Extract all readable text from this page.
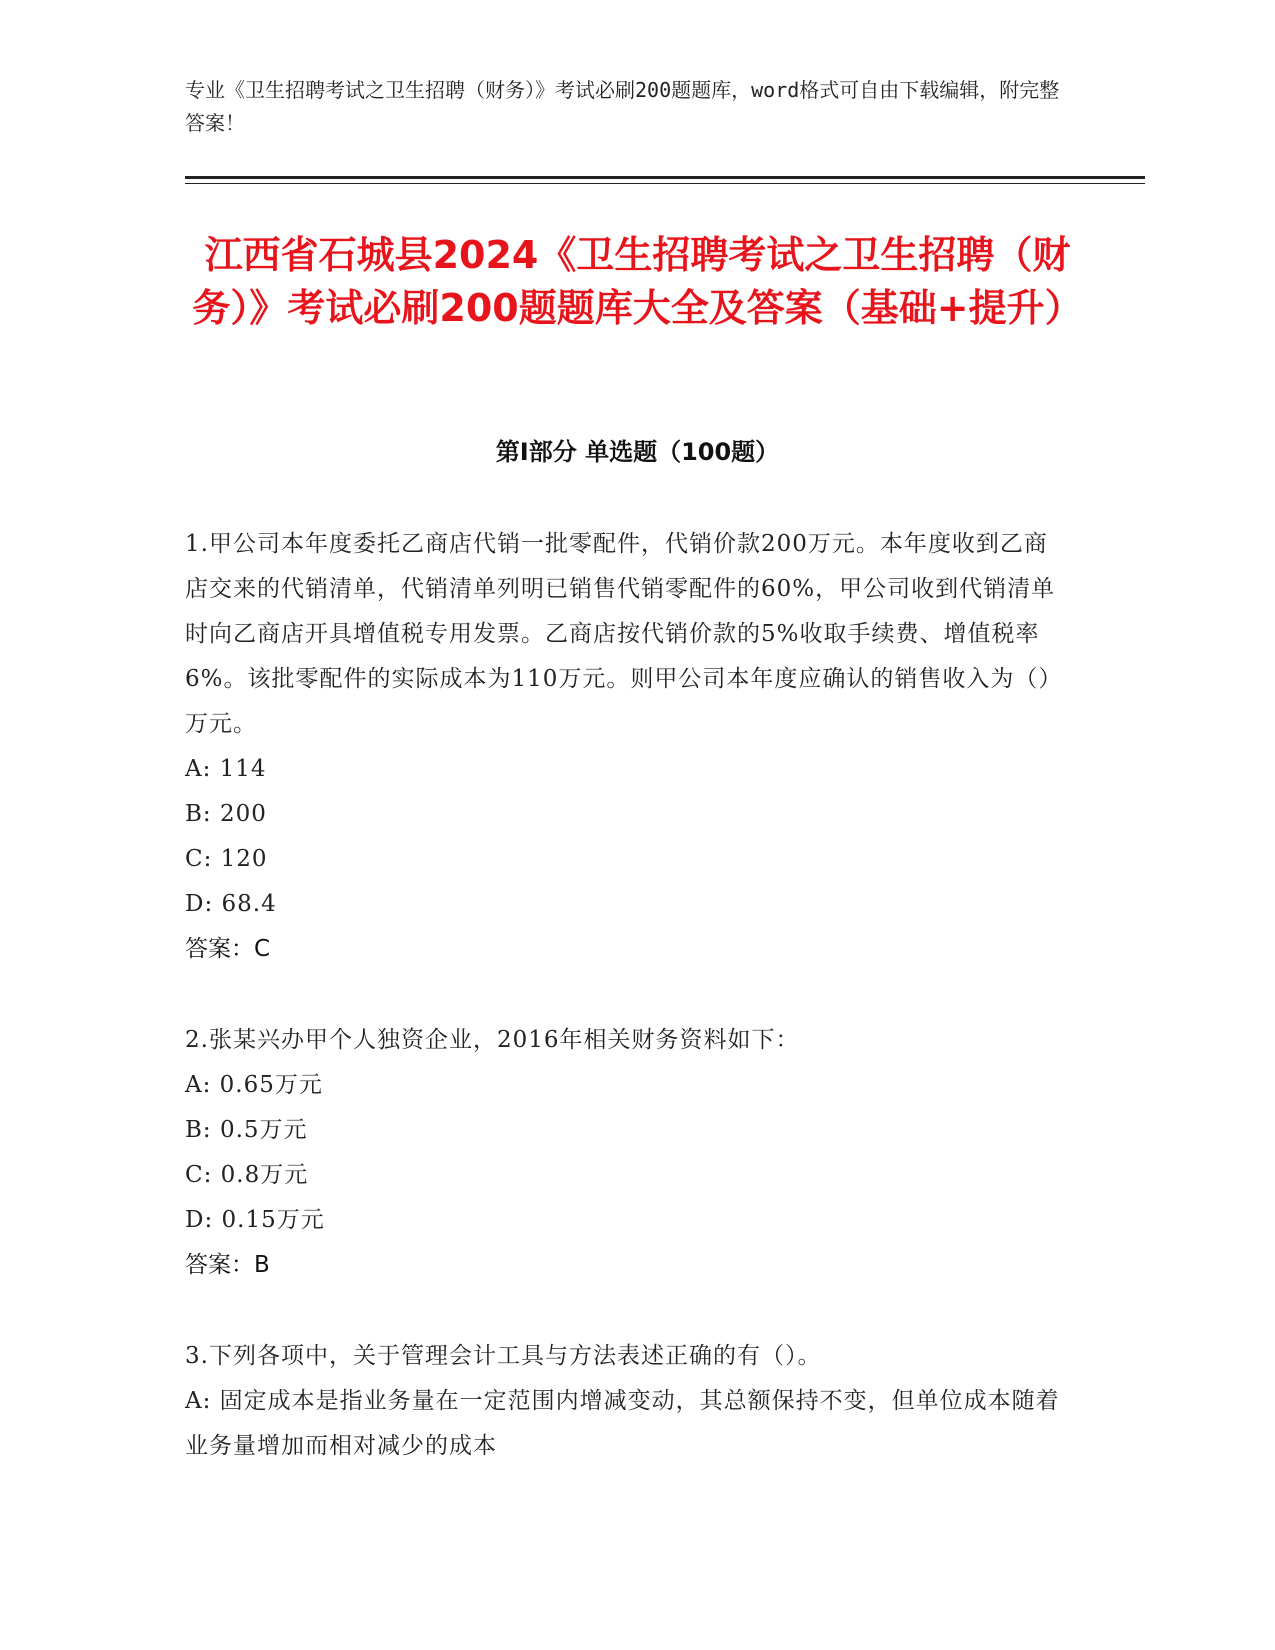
专业《卫生招聘考试之卫生招聘（财务）》考试必刷200题题库，word格式可自由下载编辑，附完整答案！
江西省石城县2024《卫生招聘考试之卫生招聘（财务）》考试必刷200题题库大全及答案（基础+提升）
第Ⅰ部分 单选题（100题）
1.甲公司本年度委托乙商店代销一批零配件，代销价款200万元。本年度收到乙商店交来的代销清单，代销清单列明已销售代销零配件的60%，甲公司收到代销清单时向乙商店开具增值税专用发票。乙商店按代销价款的5%收取手续费、增值税率6%。该批零配件的实际成本为110万元。则甲公司本年度应确认的销售收入为（）万元。
A: 114
B: 200
C: 120
D: 68.4
答案：C
2.张某兴办甲个人独资企业，2016年相关财务资料如下：
A: 0.65万元
B: 0.5万元
C: 0.8万元
D: 0.15万元
答案：B
3.下列各项中，关于管理会计工具与方法表述正确的有（）。
A: 固定成本是指业务量在一定范围内增减变动，其总额保持不变，但单位成本随着业务量增加而相对减少的成本
